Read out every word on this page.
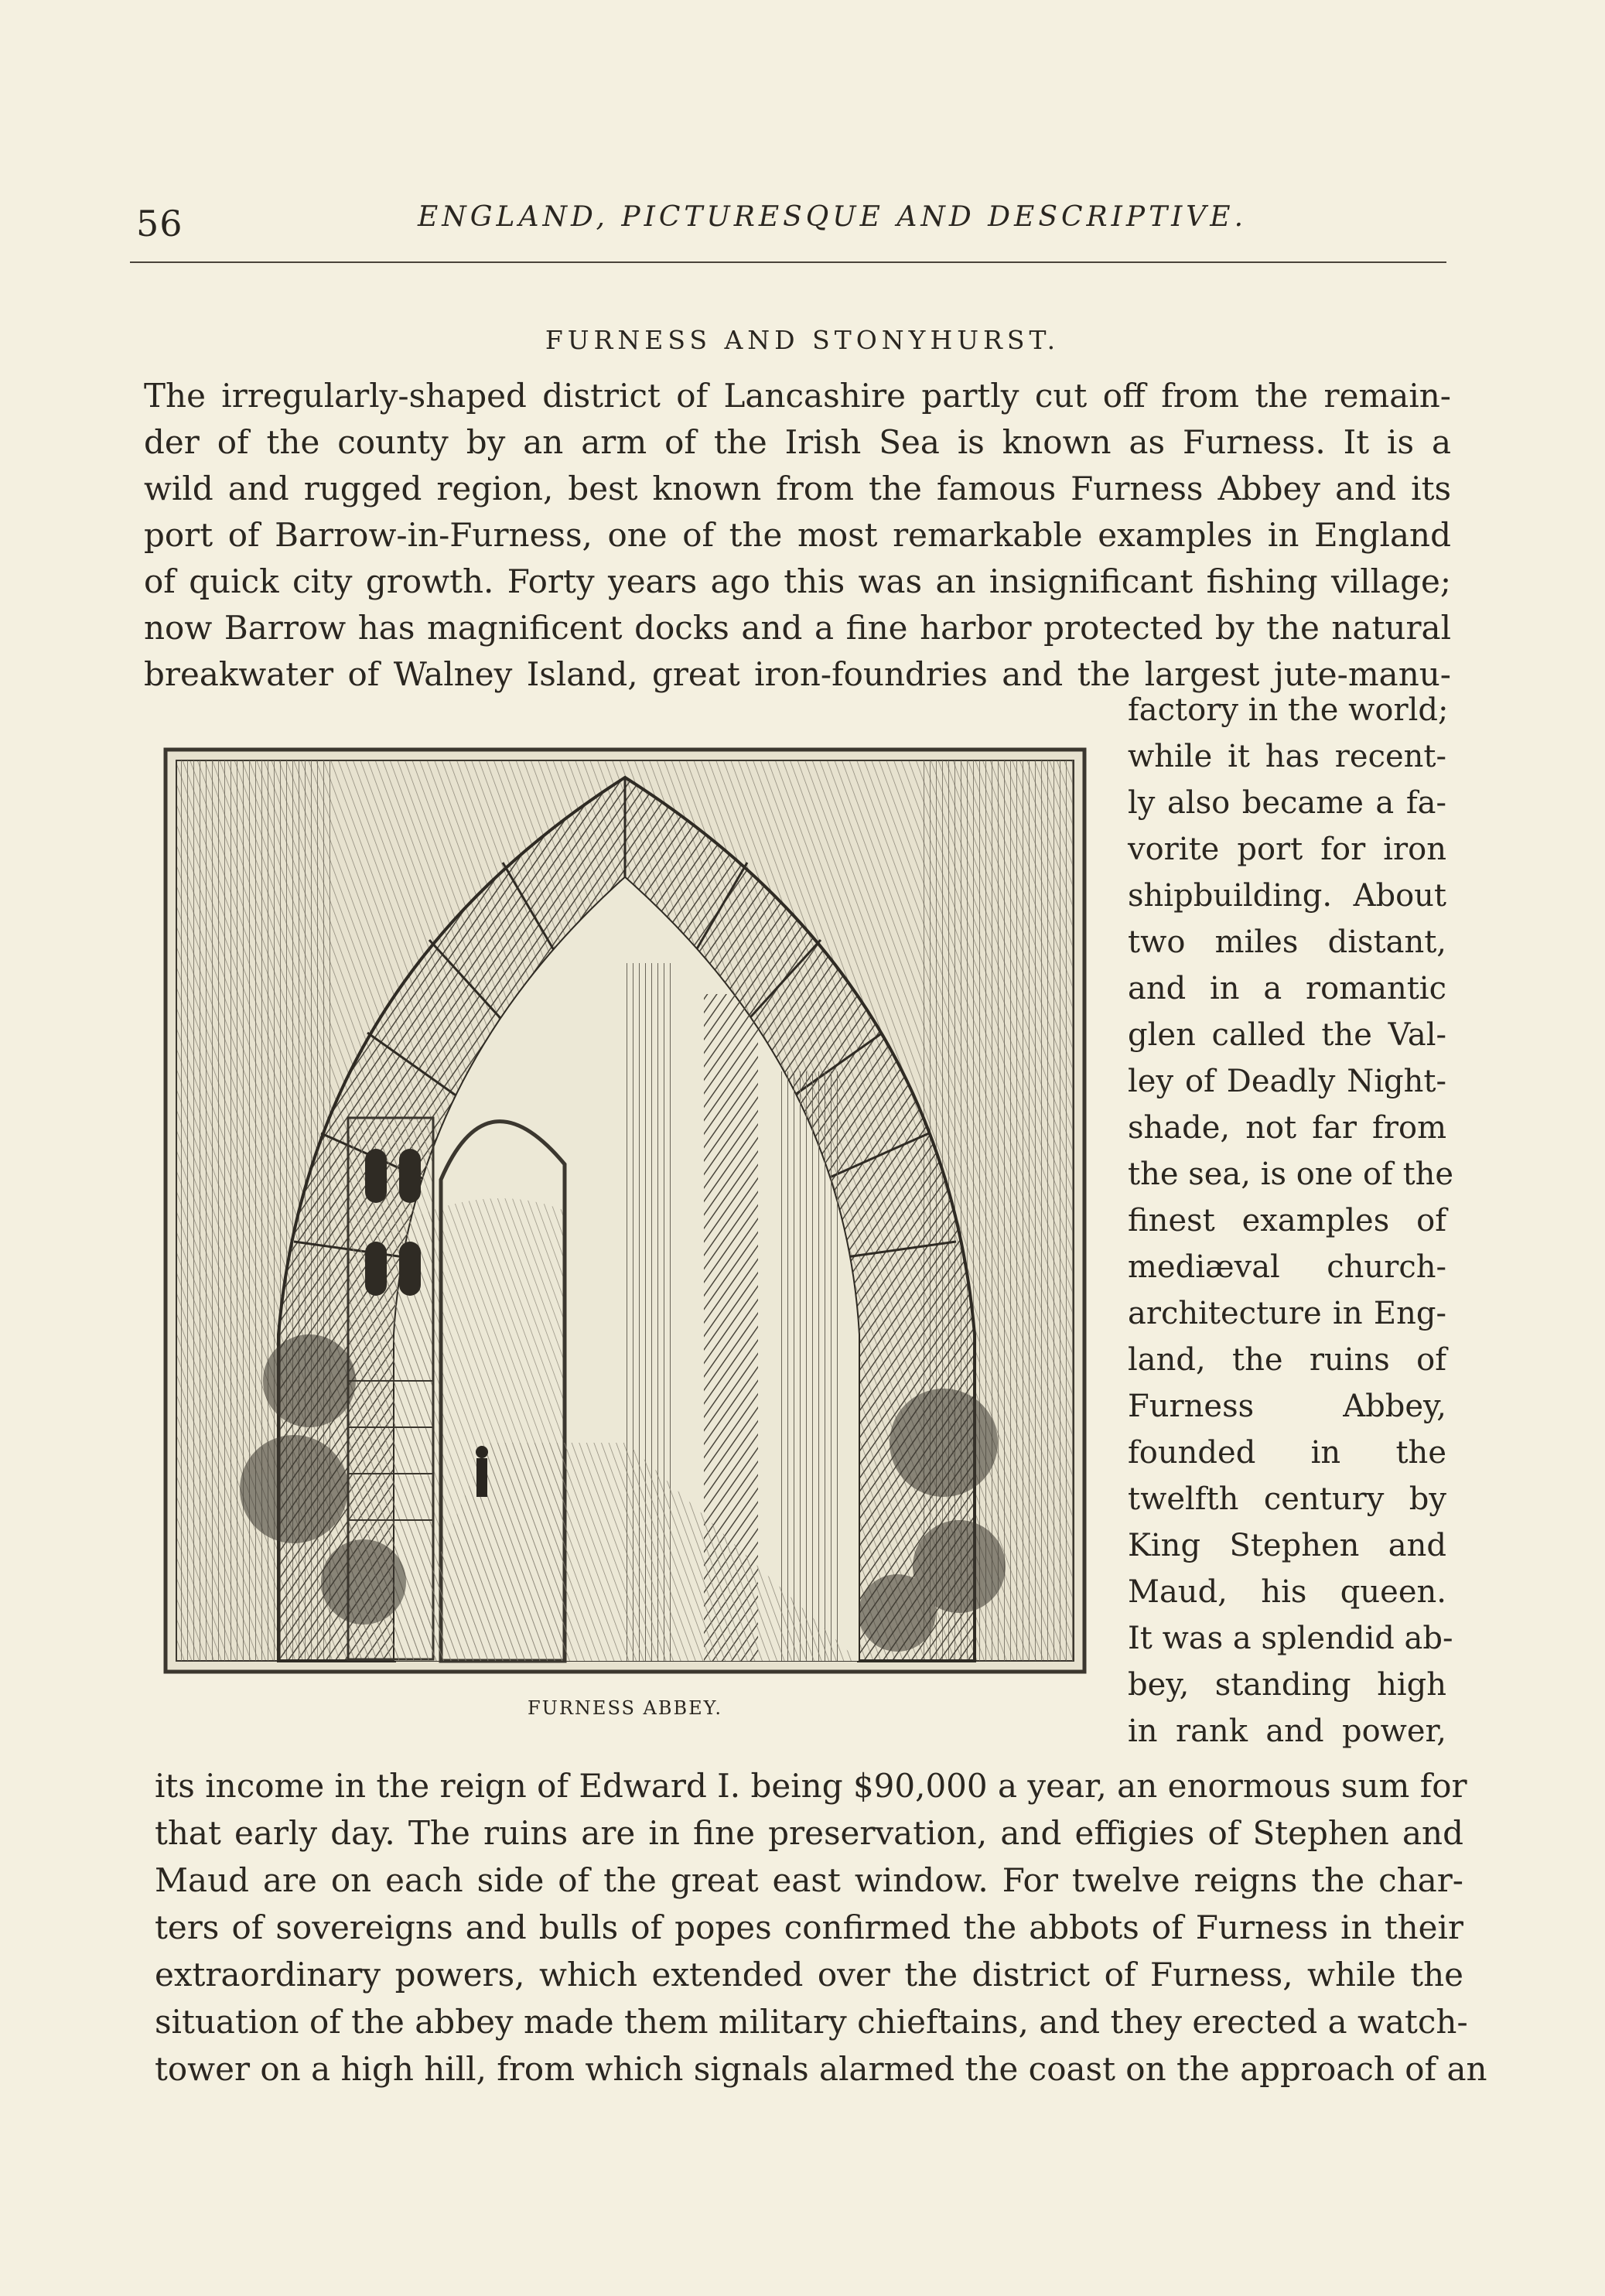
56	ENGLAND, PICTURESQUE AND DESCRIPTIVE.
FURNESS AND STONYHURST.
The irregularly-shaped district of Lancashire partly cut off from the remain-
der of the county by an arm of the Irish Sea is known as Furness. It is a
wild and rugged region, best known from the famous Furness Abbey and its
port of Barrow-in-Furness, one of the most remarkable examples in England
of quick city growth. Forty years ago this was an insignificant fishing village;
now Barrow has magnificent docks and a fine harbor protected by the natural
breakwater of Walney Island, great iron-foundries and the largest jute-manu-
factory in the world;
while it has recent-
ly also became a fa-
vorite port for iron
shipbuilding. About
two miles distant,
and in a romantic
glen called the Val-
ley of Deadly Night-
shade, not far from
the sea, is one of the
finest examples of
mediæval church-
architecture in Eng-
land, the ruins of
Furness Abbey,
founded in the
twelfth century by
King Stephen and
Maud, his queen.
It was a splendid ab-
bey, standing high
in rank and power,
its income in the reign of Edward I. being $90,000 a year, an enormous sum for
that early day. The ruins are in fine preservation, and effigies of Stephen and
Maud are on each side of the great east window. For twelve reigns the char-
ters of sovereigns and bulls of popes confirmed the abbots of Furness in their
extraordinary powers, which extended over the district of Furness, while the
situation of the abbey made them military chieftains, and they erected a watch-
tower on a high hill, from which signals alarmed the coast on the approach of an
FURNESS ABBEY.
